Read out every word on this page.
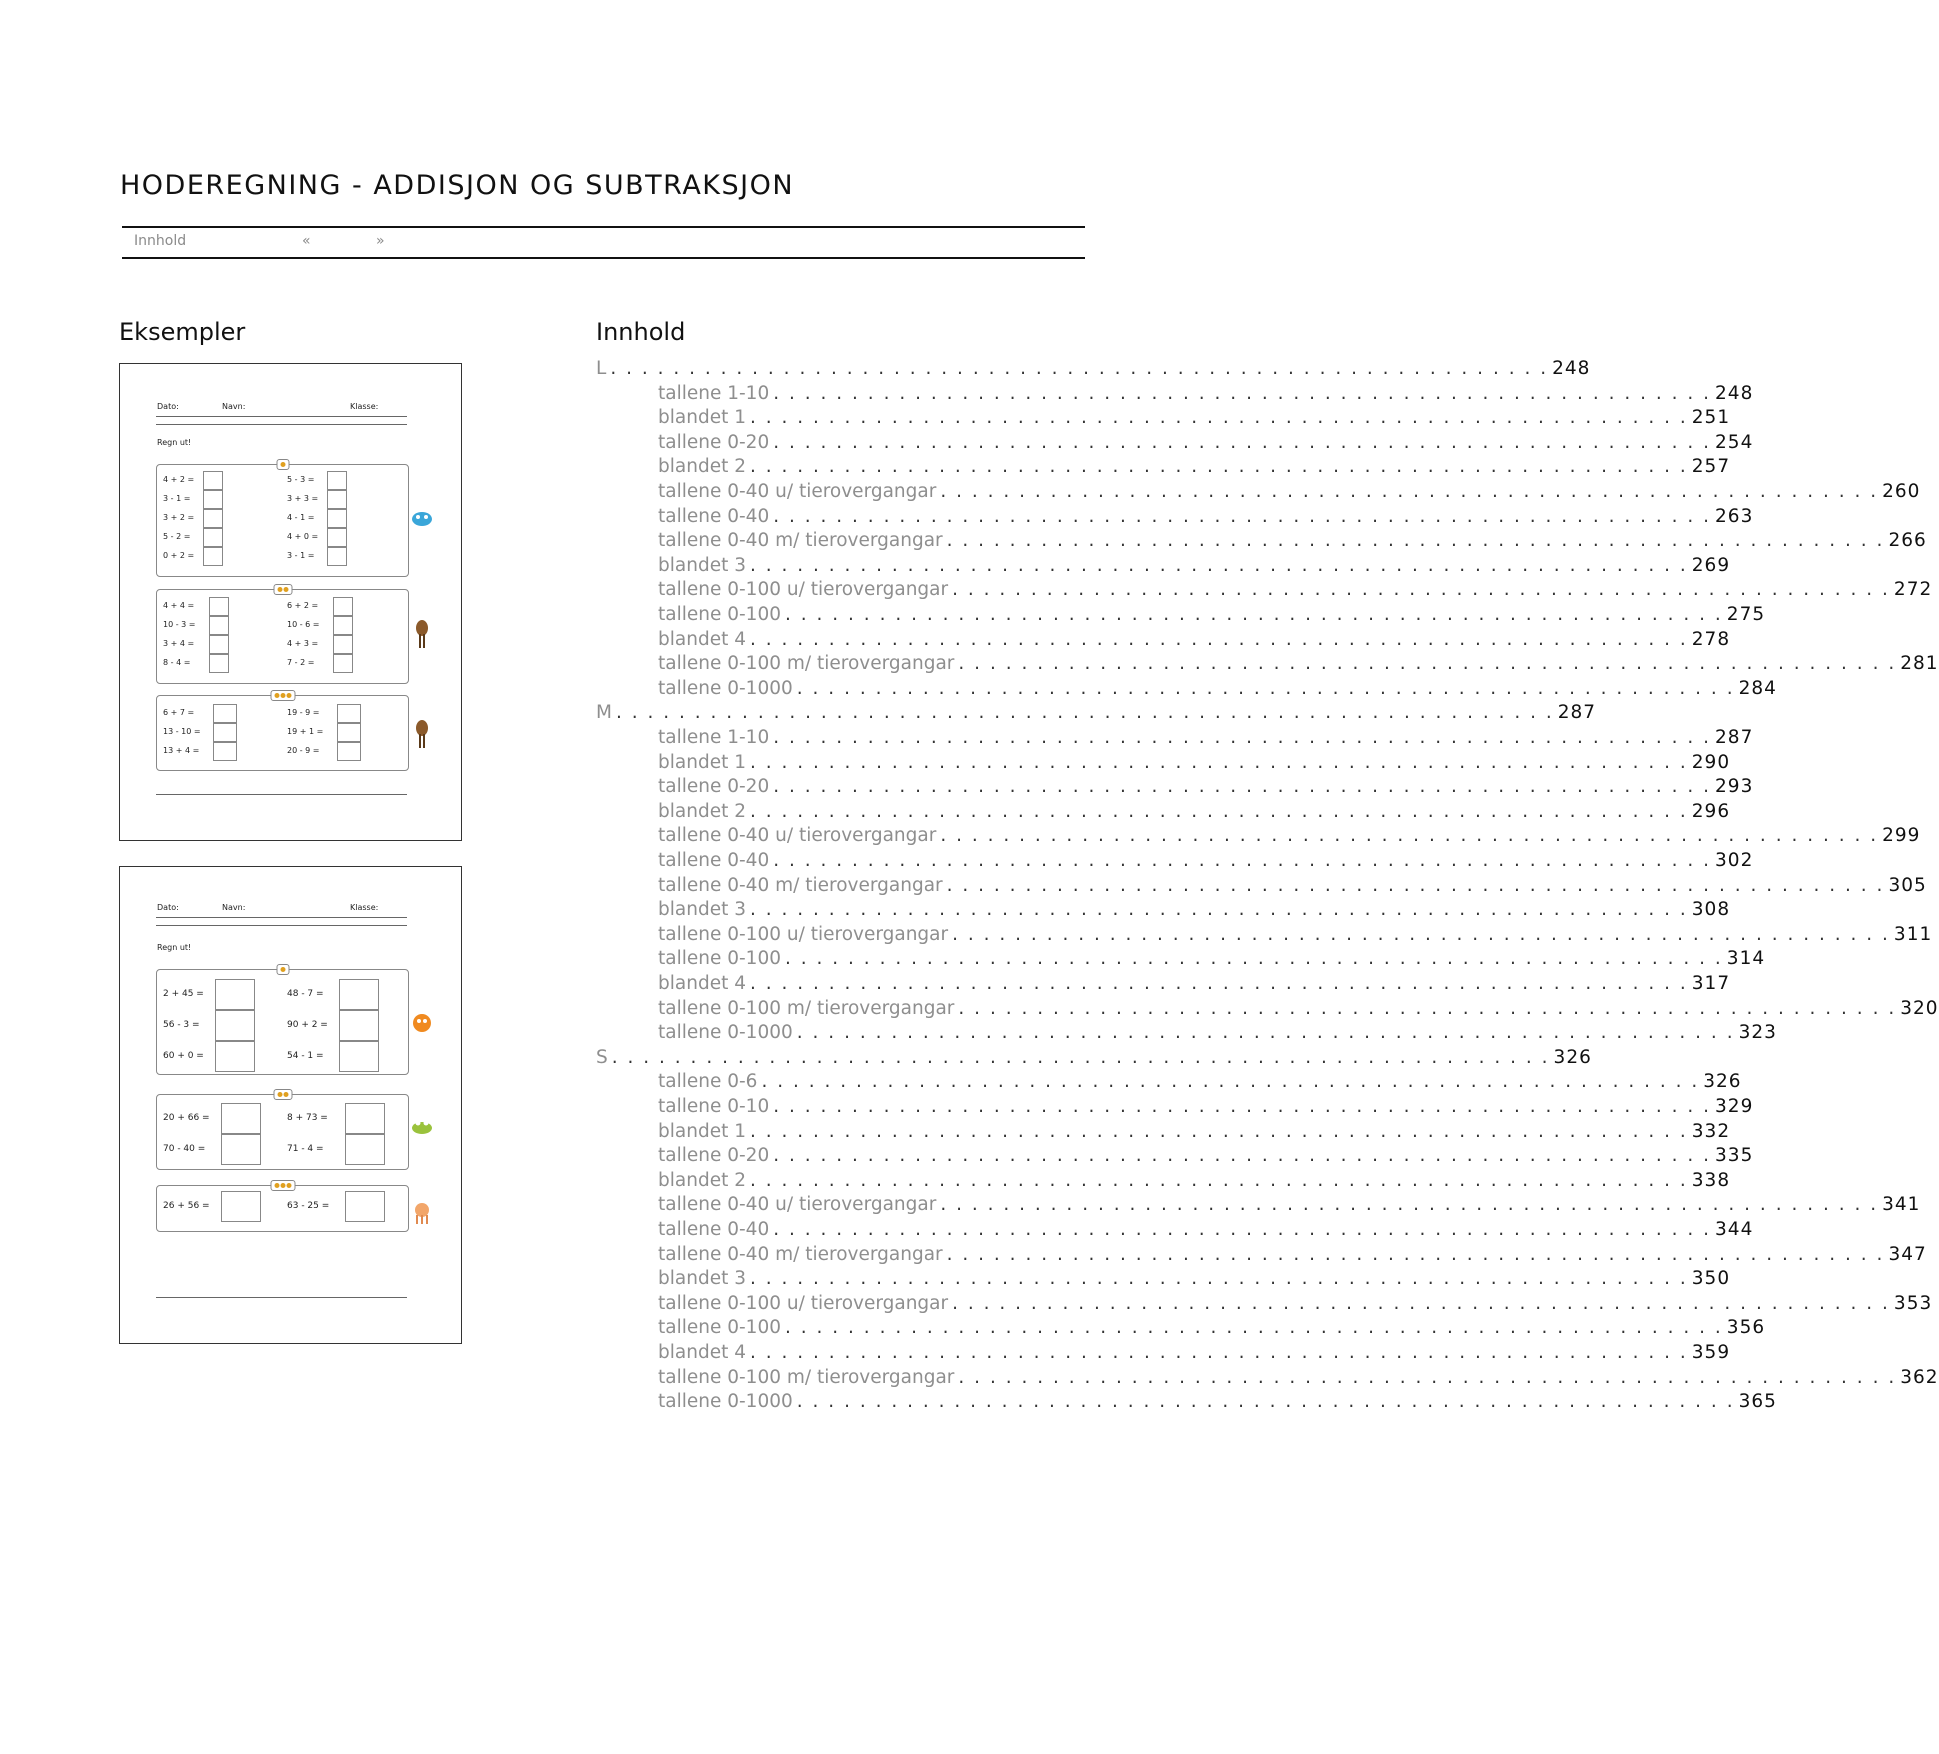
HODEREGNING - ADDISJON OG SUBTRAKSJON
Innhold	«	»
Eksempler	Innhold
Dato:	Navn:	Klasse:
Regn ut!
4 + 2 =
3 - 1 =
3 + 2 =
5 - 2 =
0 + 2 =
5 - 3 =
3 + 3 =
4 - 1 =
4 + 0 =
3 - 1 =
4 + 4 =
10 - 3 =
3 + 4 =
8 - 4 =
6 + 2 =
10 - 6 =
4 + 3 =
7 - 2 =
6 + 7 =
13 - 10 =
13 + 4 =
19 - 9 =
19 + 1 =
20 - 9 =
Dato:	Navn:	Klasse:
Regn ut!
2 + 45 =
56 - 3 =
60 + 0 =
48 - 7 =
90 + 2 =
54 - 1 =
20 + 66 =
70 - 40 =
8 + 73 =
71 - 4 =
26 + 56 =	63 - 25 =
L . . . . . . . . . . . . . . . . . . . . . . . . . . . . . . . . . . . . . . . . . . . . . . . . . . . . . . . . . . . . 248
tallene 1-10 . . . . . . . . . . . . . . . . . . . . . . . . . . . . . . . . . . . . . . . . . . . . . . . . . . . . . . . . . . . . 248
blandet 1 . . . . . . . . . . . . . . . . . . . . . . . . . . . . . . . . . . . . . . . . . . . . . . . . . . . . . . . . . . . . 251
tallene 0-20 . . . . . . . . . . . . . . . . . . . . . . . . . . . . . . . . . . . . . . . . . . . . . . . . . . . . . . . . . . . . 254
blandet 2 . . . . . . . . . . . . . . . . . . . . . . . . . . . . . . . . . . . . . . . . . . . . . . . . . . . . . . . . . . . . 257
tallene 0-40 u/ tierovergangar . . . . . . . . . . . . . . . . . . . . . . . . . . . . . . . . . . . . . . . . . . . . . . . . . . . . . . . . . . . . 260
tallene 0-40 . . . . . . . . . . . . . . . . . . . . . . . . . . . . . . . . . . . . . . . . . . . . . . . . . . . . . . . . . . . . 263
tallene 0-40 m/ tierovergangar . . . . . . . . . . . . . . . . . . . . . . . . . . . . . . . . . . . . . . . . . . . . . . . . . . . . . . . . . . . . 266
blandet 3 . . . . . . . . . . . . . . . . . . . . . . . . . . . . . . . . . . . . . . . . . . . . . . . . . . . . . . . . . . . . 269
tallene 0-100 u/ tierovergangar . . . . . . . . . . . . . . . . . . . . . . . . . . . . . . . . . . . . . . . . . . . . . . . . . . . . . . . . . . . . 272
tallene 0-100 . . . . . . . . . . . . . . . . . . . . . . . . . . . . . . . . . . . . . . . . . . . . . . . . . . . . . . . . . . . . 275
blandet 4 . . . . . . . . . . . . . . . . . . . . . . . . . . . . . . . . . . . . . . . . . . . . . . . . . . . . . . . . . . . . 278
tallene 0-100 m/ tierovergangar . . . . . . . . . . . . . . . . . . . . . . . . . . . . . . . . . . . . . . . . . . . . . . . . . . . . . . . . . . . . 281
tallene 0-1000 . . . . . . . . . . . . . . . . . . . . . . . . . . . . . . . . . . . . . . . . . . . . . . . . . . . . . . . . . . . . 284
M . . . . . . . . . . . . . . . . . . . . . . . . . . . . . . . . . . . . . . . . . . . . . . . . . . . . . . . . . . . . 287
tallene 1-10 . . . . . . . . . . . . . . . . . . . . . . . . . . . . . . . . . . . . . . . . . . . . . . . . . . . . . . . . . . . . 287
blandet 1 . . . . . . . . . . . . . . . . . . . . . . . . . . . . . . . . . . . . . . . . . . . . . . . . . . . . . . . . . . . . 290
tallene 0-20 . . . . . . . . . . . . . . . . . . . . . . . . . . . . . . . . . . . . . . . . . . . . . . . . . . . . . . . . . . . . 293
blandet 2 . . . . . . . . . . . . . . . . . . . . . . . . . . . . . . . . . . . . . . . . . . . . . . . . . . . . . . . . . . . . 296
tallene 0-40 u/ tierovergangar . . . . . . . . . . . . . . . . . . . . . . . . . . . . . . . . . . . . . . . . . . . . . . . . . . . . . . . . . . . . 299
tallene 0-40 . . . . . . . . . . . . . . . . . . . . . . . . . . . . . . . . . . . . . . . . . . . . . . . . . . . . . . . . . . . . 302
tallene 0-40 m/ tierovergangar . . . . . . . . . . . . . . . . . . . . . . . . . . . . . . . . . . . . . . . . . . . . . . . . . . . . . . . . . . . . 305
blandet 3 . . . . . . . . . . . . . . . . . . . . . . . . . . . . . . . . . . . . . . . . . . . . . . . . . . . . . . . . . . . . 308
tallene 0-100 u/ tierovergangar . . . . . . . . . . . . . . . . . . . . . . . . . . . . . . . . . . . . . . . . . . . . . . . . . . . . . . . . . . . . 311
tallene 0-100 . . . . . . . . . . . . . . . . . . . . . . . . . . . . . . . . . . . . . . . . . . . . . . . . . . . . . . . . . . . . 314
blandet 4 . . . . . . . . . . . . . . . . . . . . . . . . . . . . . . . . . . . . . . . . . . . . . . . . . . . . . . . . . . . . 317
tallene 0-100 m/ tierovergangar . . . . . . . . . . . . . . . . . . . . . . . . . . . . . . . . . . . . . . . . . . . . . . . . . . . . . . . . . . . . 320
tallene 0-1000 . . . . . . . . . . . . . . . . . . . . . . . . . . . . . . . . . . . . . . . . . . . . . . . . . . . . . . . . . . . . 323
S . . . . . . . . . . . . . . . . . . . . . . . . . . . . . . . . . . . . . . . . . . . . . . . . . . . . . . . . . . . . 326
tallene 0-6 . . . . . . . . . . . . . . . . . . . . . . . . . . . . . . . . . . . . . . . . . . . . . . . . . . . . . . . . . . . . 326
tallene 0-10 . . . . . . . . . . . . . . . . . . . . . . . . . . . . . . . . . . . . . . . . . . . . . . . . . . . . . . . . . . . . 329
blandet 1 . . . . . . . . . . . . . . . . . . . . . . . . . . . . . . . . . . . . . . . . . . . . . . . . . . . . . . . . . . . . 332
tallene 0-20 . . . . . . . . . . . . . . . . . . . . . . . . . . . . . . . . . . . . . . . . . . . . . . . . . . . . . . . . . . . . 335
blandet 2 . . . . . . . . . . . . . . . . . . . . . . . . . . . . . . . . . . . . . . . . . . . . . . . . . . . . . . . . . . . . 338
tallene 0-40 u/ tierovergangar . . . . . . . . . . . . . . . . . . . . . . . . . . . . . . . . . . . . . . . . . . . . . . . . . . . . . . . . . . . . 341
tallene 0-40 . . . . . . . . . . . . . . . . . . . . . . . . . . . . . . . . . . . . . . . . . . . . . . . . . . . . . . . . . . . . 344
tallene 0-40 m/ tierovergangar . . . . . . . . . . . . . . . . . . . . . . . . . . . . . . . . . . . . . . . . . . . . . . . . . . . . . . . . . . . . 347
blandet 3 . . . . . . . . . . . . . . . . . . . . . . . . . . . . . . . . . . . . . . . . . . . . . . . . . . . . . . . . . . . . 350
tallene 0-100 u/ tierovergangar . . . . . . . . . . . . . . . . . . . . . . . . . . . . . . . . . . . . . . . . . . . . . . . . . . . . . . . . . . . . 353
tallene 0-100 . . . . . . . . . . . . . . . . . . . . . . . . . . . . . . . . . . . . . . . . . . . . . . . . . . . . . . . . . . . . 356
blandet 4 . . . . . . . . . . . . . . . . . . . . . . . . . . . . . . . . . . . . . . . . . . . . . . . . . . . . . . . . . . . . 359
tallene 0-100 m/ tierovergangar . . . . . . . . . . . . . . . . . . . . . . . . . . . . . . . . . . . . . . . . . . . . . . . . . . . . . . . . . . . . 362
tallene 0-1000 . . . . . . . . . . . . . . . . . . . . . . . . . . . . . . . . . . . . . . . . . . . . . . . . . . . . . . . . . . . . 365
